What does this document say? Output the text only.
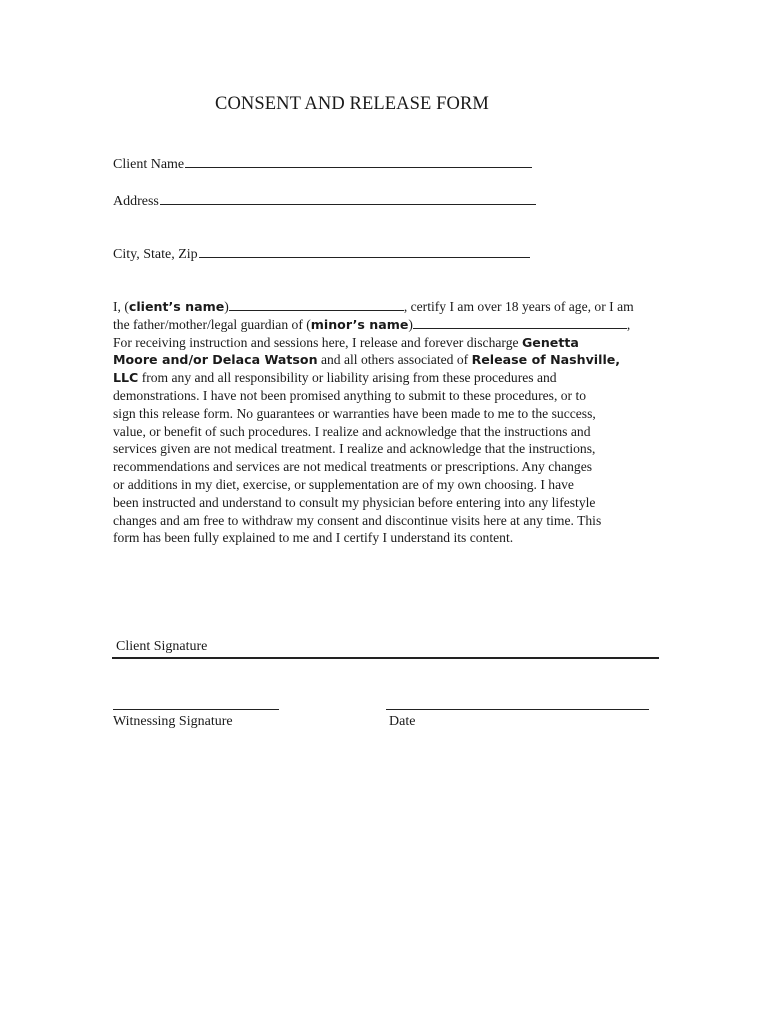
CONSENT AND RELEASE FORM
Client Name
Address
City, State, Zip
I, (client’s name)	, certify I am over 18 years of age, or I am
the father/mother/legal guardian of (minor’s name)	,
For receiving instruction and sessions here, I release and forever discharge Genetta
Moore and/or Delaca Watson and all others associated of Release of Nashville,
LLC from any and all responsibility or liability arising from these procedures and
demonstrations. I have not been promised anything to submit to these procedures, or to
sign this release form. No guarantees or warranties have been made to me to the success,
value, or benefit of such procedures. I realize and acknowledge that the instructions and
services given are not medical treatment. I realize and acknowledge that the instructions,
recommendations and services are not medical treatments or prescriptions. Any changes
or additions in my diet, exercise, or supplementation are of my own choosing. I have
been instructed and understand to consult my physician before entering into any lifestyle
changes and am free to withdraw my consent and discontinue visits here at any time. This
form has been fully explained to me and I certify I understand its content.
Client Signature
Witnessing Signature	Date
